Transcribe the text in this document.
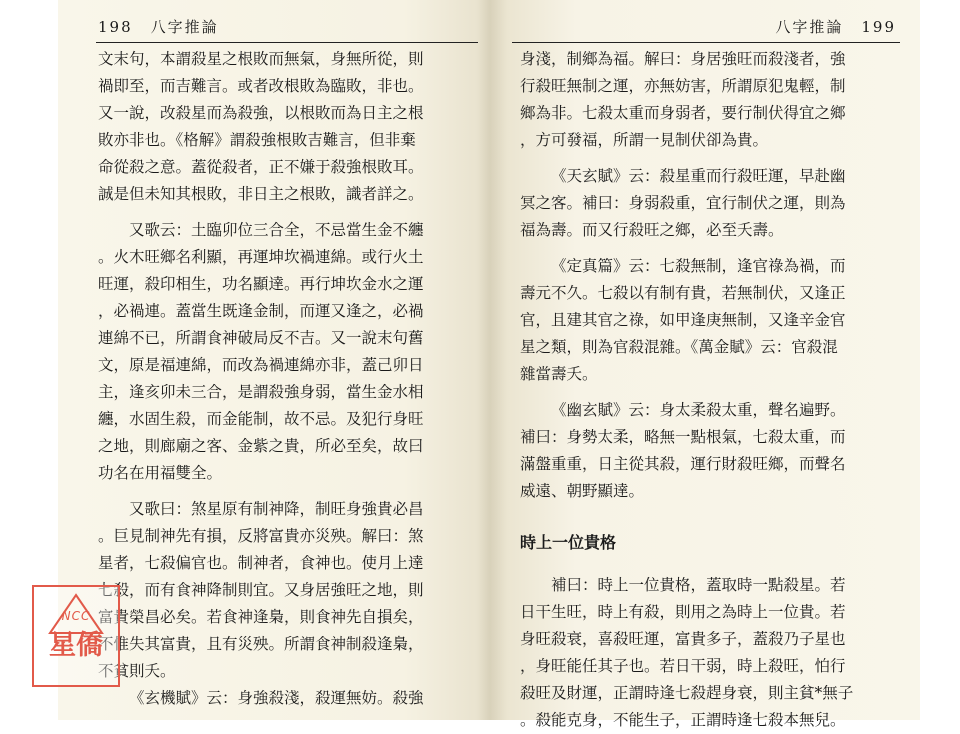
198 八字推論
文末句，本謂殺星之根敗而無氣，身無所從，則
禍即至，而吉難言。或者改根敗為臨敗，非也。
又一說，改殺星而為殺強，以根敗而為日主之根
敗亦非也。《格解》謂殺強根敗吉難言，但非棄
命從殺之意。蓋從殺者，正不嫌于殺強根敗耳。
誠是但未知其根敗，非日主之根敗，識者詳之。
又歌云：土臨卯位三合全，不忌當生金不纏
。火木旺鄉名利顯，再運坤坎禍連綿。或行火土
旺運，殺印相生，功名顯達。再行坤坎金水之運
，必禍連。蓋當生既逢金制，而運又逢之，必禍
連綿不已，所謂食神破局反不吉。又一說末句舊
文，原是福連綿，而改為禍連綿亦非，蓋己卯日
主，逢亥卯未三合，是謂殺強身弱，當生金水相
纏，水固生殺，而金能制，故不忌。及犯行身旺
之地，則廊廟之客、金紫之貴，所必至矣，故曰
功名在用福雙全。
又歌曰：煞星原有制神降，制旺身強貴必昌
。巨見制神先有損，反將富貴亦災殃。解曰：煞
星者，七殺偏官也。制神者，食神也。使月上達
七殺，而有食神降制則宜。又身居強旺之地，則
富貴榮昌必矣。若食神逢梟，則食神先自損矣，
不惟失其富貴，且有災殃。所謂食神制殺逢梟，
不貧則夭。
《玄機賦》云：身強殺淺，殺運無妨。殺強
八字推論 199
身淺，制鄉為福。解曰：身居強旺而殺淺者，強
行殺旺無制之運，亦無妨害，所謂原犯鬼輕，制
鄉為非。七殺太重而身弱者，要行制伏得宜之鄉
，方可發福，所謂一見制伏卻為貴。
《天玄賦》云：殺星重而行殺旺運，早赴幽
冥之客。補曰：身弱殺重，宜行制伏之運，則為
福為壽。而又行殺旺之鄉，必至夭壽。
《定真篇》云：七殺無制，逢官祿為禍，而
壽元不久。七殺以有制有貴，若無制伏，又逢正
官，且建其官之祿，如甲逢庚無制，又逢辛金官
星之類，則為官殺混雜。《萬金賦》云：官殺混
雜當壽夭。
《幽玄賦》云：身太柔殺太重，聲名遍野。
補曰：身勢太柔，略無一點根氣，七殺太重，而
滿盤重重，日主從其殺，運行財殺旺鄉，而聲名
威遠、朝野顯達。
時上一位貴格
補曰：時上一位貴格，蓋取時一點殺星。若
日干生旺，時上有殺，則用之為時上一位貴。若
身旺殺衰，喜殺旺運，富貴多子，蓋殺乃子星也
，身旺能任其子也。若日干弱，時上殺旺，怕行
殺旺及財運，正謂時逢七殺趕身衰，則主貧*無子
。殺能克身，不能生子，正謂時逢七殺本無兒。
NCC
星僑
